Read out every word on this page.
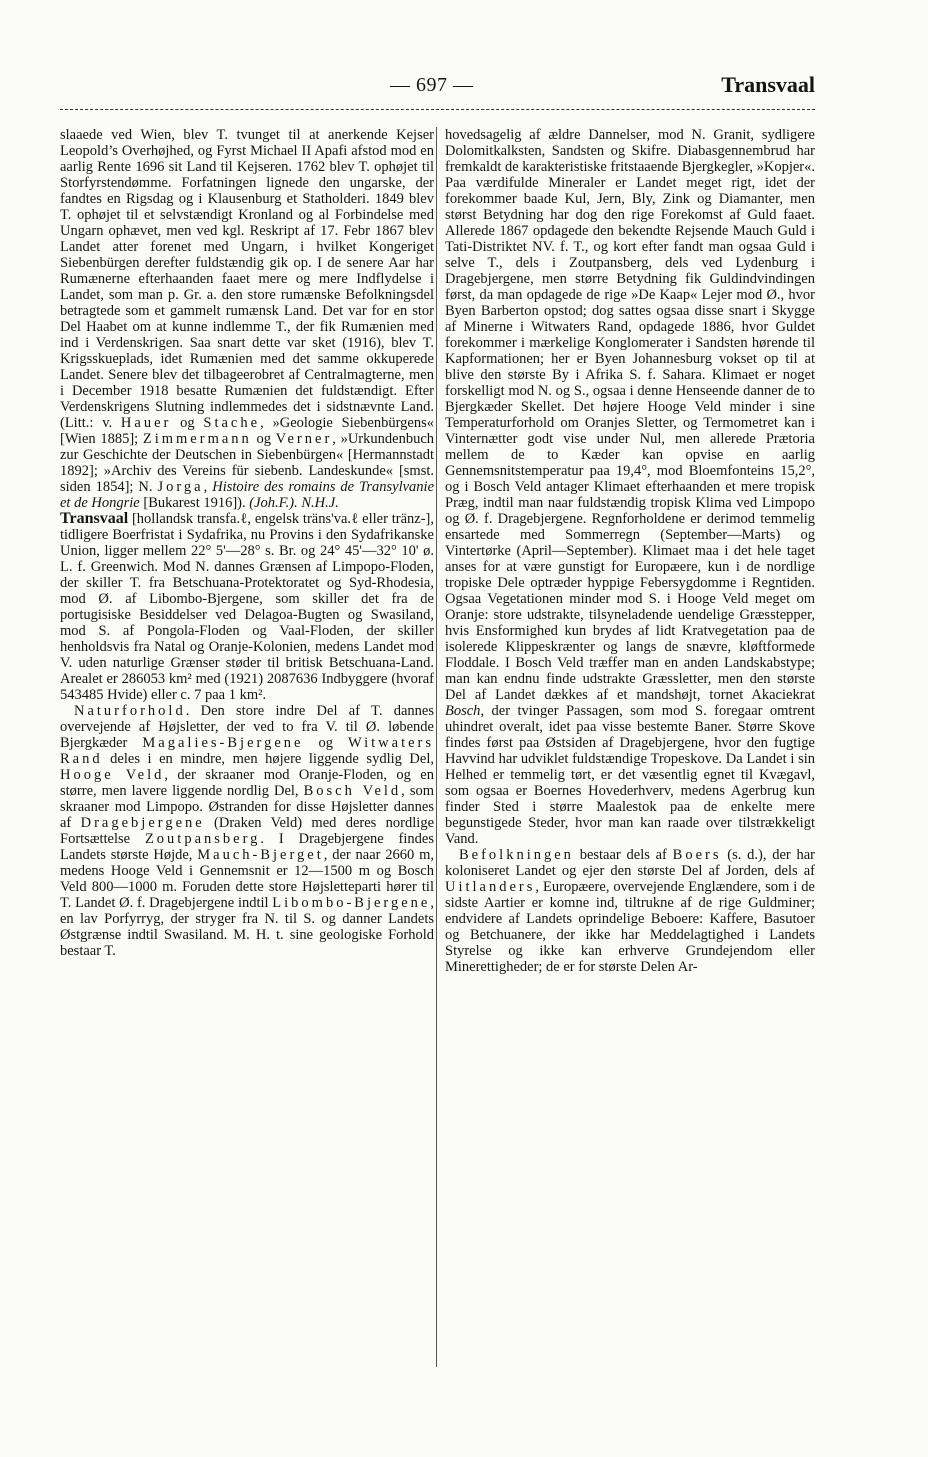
— 697 —	Transvaal

slaaede ved Wien, blev T. tvunget til at anerkende Kejser Leopold’s Overhøjhed, og Fyrst Michael II Apafi afstod mod en aarlig Rente 1696 sit Land til Kejseren. 1762 blev T. ophøjet til Storfyrstendømme. Forfatningen lignede den ungarske, der fandtes en Rigsdag og i Klausenburg et Statholderi. 1849 blev T. ophøjet til et selvstændigt Kronland og al Forbindelse med Ungarn ophævet, men ved kgl. Reskript af 17. Febr 1867 blev Landet atter forenet med Ungarn, i hvilket Kongeriget Siebenbürgen derefter fuldstændig gik op. I de senere Aar har Rumænerne efterhaanden faaet mere og mere Indflydelse i Landet, som man p. Gr. a. den store rumænske Befolkningsdel betragtede som et gammelt rumænsk Land. Det var for en stor Del Haabet om at kunne indlemme T., der fik Rumænien med ind i Verdenskrigen. Saa snart dette var sket (1916), blev T. Krigsskueplads, idet Rumænien med det samme okkuperede Landet. Senere blev det tilbageerobret af Centralmagterne, men i December 1918 besatte Rumænien det fuldstændigt. Efter Verdenskrigens Slutning indlemmedes det i sidstnævnte Land. (Litt.: v. Hauer og Stache, »Geologie Siebenbürgens« [Wien 1885]; Zimmermann og Verner, »Urkundenbuch zur Geschichte der Deutschen in Siebenbürgen« [Hermannstadt 1892]; »Archiv des Vereins für siebenb. Landeskunde« [smst. siden 1854]; N. Jorga, Histoire des romains de Transylvanie et de Hongrie [Bukarest 1916]). (Joh.F.). N.H.J.

Transvaal [hollandsk transfa.ℓ, engelsk träns'va.ℓ eller tränz-], tidligere Boerfristat i Sydafrika, nu Provins i den Sydafrikanske Union, ligger mellem 22° 5'—28° s. Br. og 24° 45'—32° 10' ø. L. f. Greenwich. Mod N. dannes Grænsen af Limpopo-Floden, der skiller T. fra Betschuana-Protektoratet og Syd-Rhodesia, mod Ø. af Libombo-Bjergene, som skiller det fra de portugisiske Besiddelser ved Delagoa-Bugten og Swasiland, mod S. af Pongola-Floden og Vaal-Floden, der skiller henholdsvis fra Natal og Oranje-Kolonien, medens Landet mod V. uden naturlige Grænser støder til britisk Betschuana-Land. Arealet er 286053 km² med (1921) 2087636 Indbyggere (hvoraf 543485 Hvide) eller c. 7 paa 1 km².

Naturforhold. Den store indre Del af T. dannes overvejende af Højsletter, der ved to fra V. til Ø. løbende Bjergkæder Magalies-Bjergene og Witwaters Rand deles i en mindre, men højere liggende sydlig Del, Hooge Veld, der skraaner mod Oranje-Floden, og en større, men lavere liggende nordlig Del, Bosch Veld, som skraaner mod Limpopo. Østranden for disse Højsletter dannes af Dragebjergene (Draken Veld) med deres nordlige Fortsættelse Zoutpansberg. I Dragebjergene findes Landets største Højde, Mauch-Bjerget, der naar 2660 m, medens Hooge Veld i Gennemsnit er 12—1500 m og Bosch Veld 800—1000 m. Foruden dette store Højsletteparti hører til T. Landet Ø. f. Dragebjergene indtil Libombo-Bjergene, en lav Porfyrryg, der stryger fra N. til S. og danner Landets Østgrænse indtil Swasiland. M. H. t. sine geologiske Forhold bestaar T.

hovedsagelig af ældre Dannelser, mod N. Granit, sydligere Dolomitkalksten, Sandsten og Skifre. Diabasgennembrud har fremkaldt de karakteristiske fritstaaende Bjergkegler, »Kopjer«. Paa værdifulde Mineraler er Landet meget rigt, idet der forekommer baade Kul, Jern, Bly, Zink og Diamanter, men størst Betydning har dog den rige Forekomst af Guld faaet. Allerede 1867 opdagede den bekendte Rejsende Mauch Guld i Tati-Distriktet NV. f. T., og kort efter fandt man ogsaa Guld i selve T., dels i Zoutpansberg, dels ved Lydenburg i Dragebjergene, men større Betydning fik Guldindvindingen først, da man opdagede de rige »De Kaap« Lejer mod Ø., hvor Byen Barberton opstod; dog sattes ogsaa disse snart i Skygge af Minerne i Witwaters Rand, opdagede 1886, hvor Guldet forekommer i mærkelige Konglomerater i Sandsten hørende til Kapformationen; her er Byen Johannesburg vokset op til at blive den største By i Afrika S. f. Sahara. Klimaet er noget forskelligt mod N. og S., ogsaa i denne Henseende danner de to Bjergkæder Skellet. Det højere Hooge Veld minder i sine Temperaturforhold om Oranjes Sletter, og Termometret kan i Vinternætter godt vise under Nul, men allerede Prætoria mellem de to Kæder kan opvise en aarlig Gennemsnitstemperatur paa 19,4°, mod Bloemfonteins 15,2°, og i Bosch Veld antager Klimaet efterhaanden et mere tropisk Præg, indtil man naar fuldstændig tropisk Klima ved Limpopo og Ø. f. Dragebjergene. Regnforholdene er derimod temmelig ensartede med Sommerregn (September—Marts) og Vintertørke (April—September). Klimaet maa i det hele taget anses for at være gunstigt for Europæere, kun i de nordlige tropiske Dele optræder hyppige Febersygdomme i Regntiden. Ogsaa Vegetationen minder mod S. i Hooge Veld meget om Oranje: store udstrakte, tilsyneladende uendelige Græsstepper, hvis Ensformighed kun brydes af lidt Kratvegetation paa de isolerede Klippeskrænter og langs de snævre, kløftformede Floddale. I Bosch Veld træffer man en anden Landskabstype; man kan endnu finde udstrakte Græssletter, men den største Del af Landet dækkes af et mandshøjt, tornet Akaciekrat Bosch, der tvinger Passagen, som mod S. foregaar omtrent uhindret overalt, idet paa visse bestemte Baner. Større Skove findes først paa Østsiden af Dragebjergene, hvor den fugtige Havvind har udviklet fuldstændige Tropeskove. Da Landet i sin Helhed er temmelig tørt, er det væsentlig egnet til Kvægavl, som ogsaa er Boernes Hovederhverv, medens Agerbrug kun finder Sted i større Maalestok paa de enkelte mere begunstigede Steder, hvor man kan raade over tilstrækkeligt Vand.

Befolkningen bestaar dels af Boers (s. d.), der har koloniseret Landet og ejer den største Del af Jorden, dels af Uitlanders, Europæere, overvejende Englændere, som i de sidste Aartier er komne ind, tiltrukne af de rige Guldminer; endvidere af Landets oprindelige Beboere: Kaffere, Basutoer og Betchuanere, der ikke har Meddelagtighed i Landets Styrelse og ikke kan erhverve Grundejendom eller Minerettigheder; de er for største Delen Ar-
